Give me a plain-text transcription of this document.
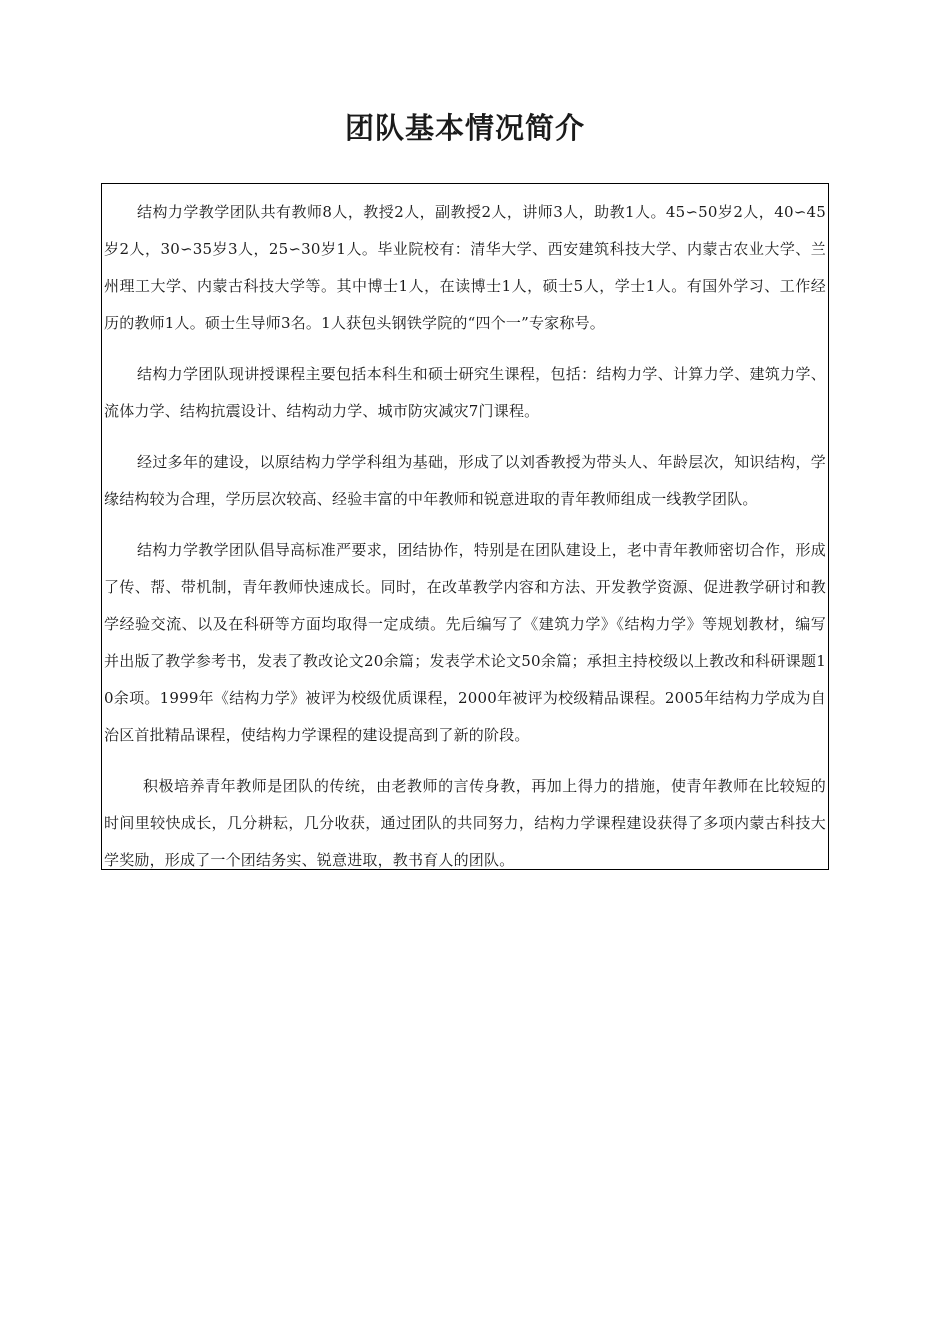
团队基本情况简介

结构力学教学团队共有教师8人，教授2人，副教授2人，讲师3人，助教1人。45∽50岁2人，40∽45岁2人，30∽35岁3人，25∽30岁1人。毕业院校有：清华大学、西安建筑科技大学、内蒙古农业大学、兰州理工大学、内蒙古科技大学等。其中博士1人，在读博士1人，硕士5人，学士1人。有国外学习、工作经历的教师1人。硕士生导师3名。1人获包头钢铁学院的“四个一”专家称号。

结构力学团队现讲授课程主要包括本科生和硕士研究生课程，包括：结构力学、计算力学、建筑力学、流体力学、结构抗震设计、结构动力学、城市防灾减灾7门课程。

经过多年的建设，以原结构力学学科组为基础，形成了以刘香教授为带头人、年龄层次，知识结构，学缘结构较为合理，学历层次较高、经验丰富的中年教师和锐意进取的青年教师组成一线教学团队。

结构力学教学团队倡导高标准严要求，团结协作，特别是在团队建设上，老中青年教师密切合作，形成了传、帮、带机制，青年教师快速成长。同时，在改革教学内容和方法、开发教学资源、促进教学研讨和教学经验交流、以及在科研等方面均取得一定成绩。先后编写了《建筑力学》《结构力学》等规划教材，编写并出版了教学参考书，发表了教改论文20余篇；发表学术论文50余篇；承担主持校级以上教改和科研课题10余项。1999年《结构力学》被评为校级优质课程，2000年被评为校级精品课程。2005年结构力学成为自治区首批精品课程，使结构力学课程的建设提高到了新的阶段。

积极培养青年教师是团队的传统，由老教师的言传身教，再加上得力的措施，使青年教师在比较短的时间里较快成长，几分耕耘，几分收获，通过团队的共同努力，结构力学课程建设获得了多项内蒙古科技大学奖励，形成了一个团结务实、锐意进取，教书育人的团队。
